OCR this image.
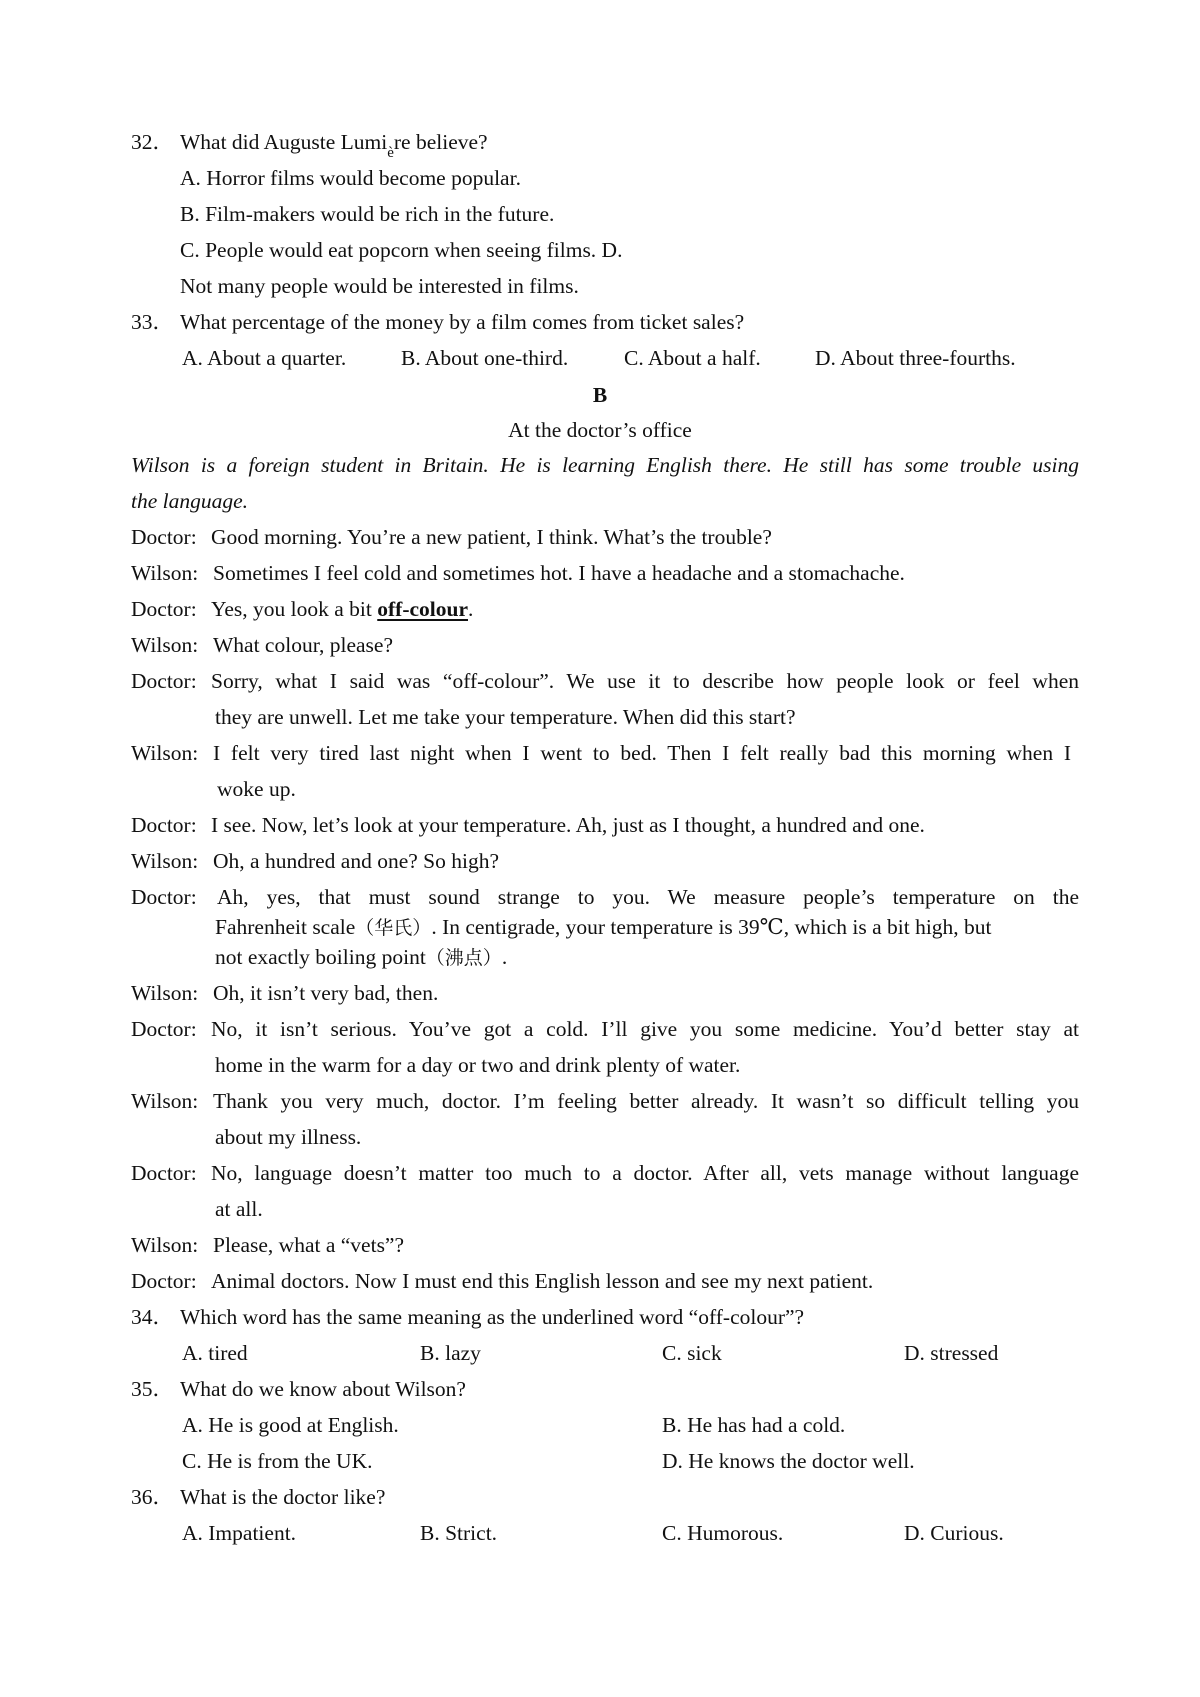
32． What did Auguste Lumi$_è$re believe?
A. Horror films would become popular.
B. Film-makers would be rich in the future.
C. People would eat popcorn when seeing films. D.
Not many people would be interested in films.
33． What percentage of the money by a film comes from ticket sales?
A. About a quarter.	B. About one-third.	C. About a half.	D. About three-fourths.
B
At the doctor’s office
Wilson is a foreign student in Britain. He is learning English there. He still has some trouble using
the language.
Doctor: Good morning. You’re a new patient, I think. What’s the trouble?
Wilson: Sometimes I feel cold and sometimes hot. I have a headache and a stomachache.
Doctor: Yes, you look a bit off-colour.
Wilson: What colour, please?
Doctor: Sorry, what I said was “off-colour”. We use it to describe how people look or feel when
they are unwell. Let me take your temperature. When did this start?
Wilson: I felt very tired last night when I went to bed. Then I felt really bad this morning when I
woke up.
Doctor: I see. Now, let’s look at your temperature. Ah, just as I thought, a hundred and one.
Wilson: Oh, a hundred and one? So high?
Doctor: Ah, yes, that must sound strange to you. We measure people’s temperature on the
Fahrenheit scale（华氏）. In centigrade, your temperature is 39℃, which is a bit high, but
not exactly boiling point（沸点）.
Wilson: Oh, it isn’t very bad, then.
Doctor: No, it isn’t serious. You’ve got a cold. I’ll give you some medicine. You’d better stay at
home in the warm for a day or two and drink plenty of water.
Wilson: Thank you very much, doctor. I’m feeling better already. It wasn’t so difficult telling you
about my illness.
Doctor: No, language doesn’t matter too much to a doctor. After all, vets manage without language
at all.
Wilson: Please, what a “vets”?
Doctor: Animal doctors. Now I must end this English lesson and see my next patient.
34． Which word has the same meaning as the underlined word “off-colour”?
A. tired	B. lazy	C. sick	D. stressed
35． What do we know about Wilson?
A. He is good at English.	B. He has had a cold.
C. He is from the UK.	D. He knows the doctor well.
36． What is the doctor like?
A. Impatient.	B. Strict.	C. Humorous.	D. Curious.
